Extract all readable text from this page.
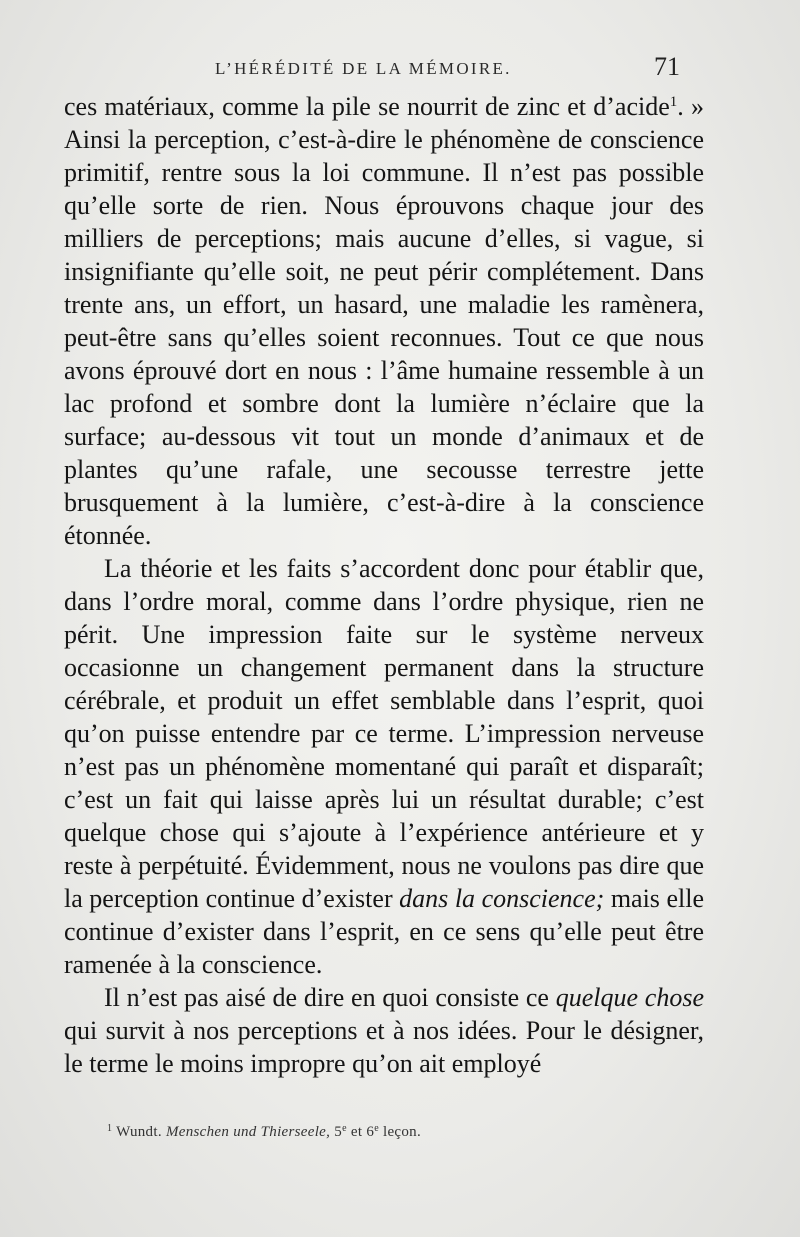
L’HÉRÉDITÉ DE LA MÉMOIRE.	71

ces matériaux, comme la pile se nourrit de zinc et d’acide$^1$. » Ainsi la perception, c’est-à-dire le phénomène de conscience primitif, rentre sous la loi commune. Il n’est pas possible qu’elle sorte de rien. Nous éprouvons chaque jour des milliers de perceptions; mais aucune d’elles, si vague, si insignifiante qu’elle soit, ne peut périr complétement. Dans trente ans, un effort, un hasard, une maladie les ramènera, peut-être sans qu’elles soient reconnues. Tout ce que nous avons éprouvé dort en nous : l’âme humaine ressemble à un lac profond et sombre dont la lumière n’éclaire que la surface; au-dessous vit tout un monde d’animaux et de plantes qu’une rafale, une secousse terrestre jette brusquement à la lumière, c’est-à-dire à la conscience étonnée.

La théorie et les faits s’accordent donc pour établir que, dans l’ordre moral, comme dans l’ordre physique, rien ne périt. Une impression faite sur le système nerveux occasionne un changement permanent dans la structure cérébrale, et produit un effet semblable dans l’esprit, quoi qu’on puisse entendre par ce terme. L’impression nerveuse n’est pas un phénomène momentané qui paraît et disparaît; c’est un fait qui laisse après lui un résultat durable; c’est quelque chose qui s’ajoute à l’expérience antérieure et y reste à perpétuité. Évidemment, nous ne voulons pas dire que la perception continue d’exister dans la conscience; mais elle continue d’exister dans l’esprit, en ce sens qu’elle peut être ramenée à la conscience.

Il n’est pas aisé de dire en quoi consiste ce quelque chose qui survit à nos perceptions et à nos idées. Pour le désigner, le terme le moins impropre qu’on ait employé

$^1$ Wundt. Menschen und Thierseele, 5e et 6e leçon.
